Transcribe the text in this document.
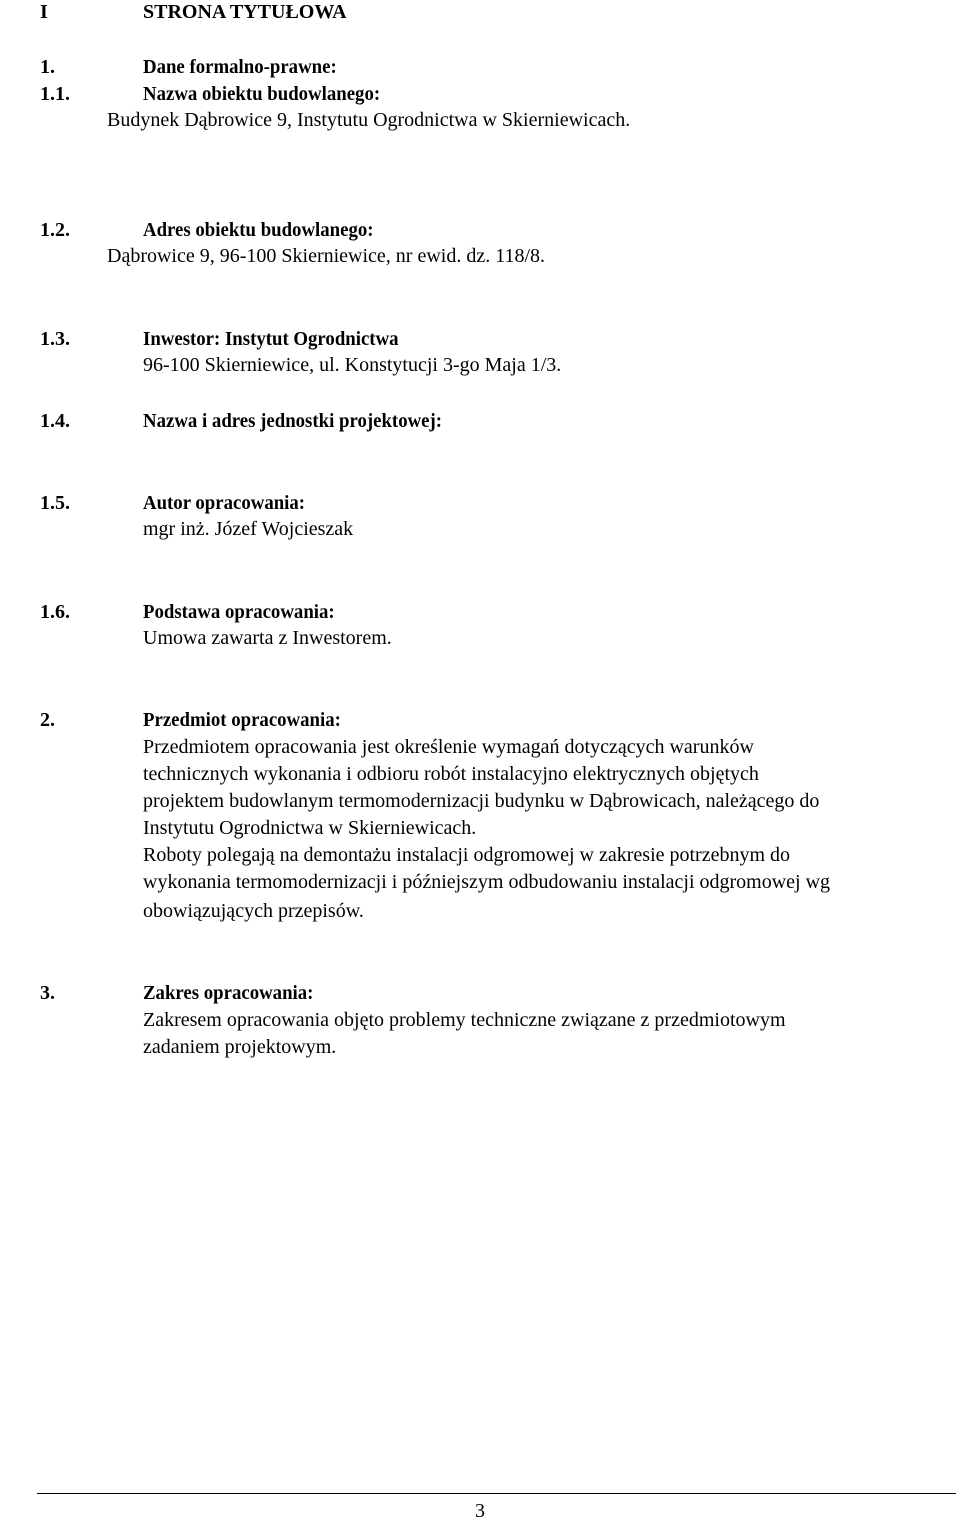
I	STRONA TYTUŁOWA
1.	Dane formalno-prawne:
1.1.	Nazwa obiektu budowlanego:
Budynek Dąbrowice 9, Instytutu Ogrodnictwa w Skierniewicach.
1.2.	Adres obiektu budowlanego:
Dąbrowice 9, 96-100 Skierniewice, nr ewid. dz. 118/8.
1.3.	Inwestor: Instytut Ogrodnictwa
96-100 Skierniewice, ul. Konstytucji 3-go Maja 1/3.
1.4.	Nazwa i adres jednostki projektowej:
1.5.	Autor opracowania:
mgr inż. Józef Wojcieszak
1.6.	Podstawa opracowania:
Umowa zawarta z Inwestorem.
2.	Przedmiot opracowania:
Przedmiotem opracowania jest określenie wymagań dotyczących warunków
technicznych wykonania i odbioru robót instalacyjno elektrycznych objętych
projektem budowlanym termomodernizacji budynku w Dąbrowicach, należącego do
Instytutu Ogrodnictwa w Skierniewicach.
Roboty polegają na demontażu instalacji odgromowej w zakresie potrzebnym do
wykonania termomodernizacji i późniejszym odbudowaniu instalacji odgromowej wg
obowiązujących przepisów.
3.	Zakres opracowania:
Zakresem opracowania objęto problemy techniczne związane z przedmiotowym
zadaniem projektowym.
3
